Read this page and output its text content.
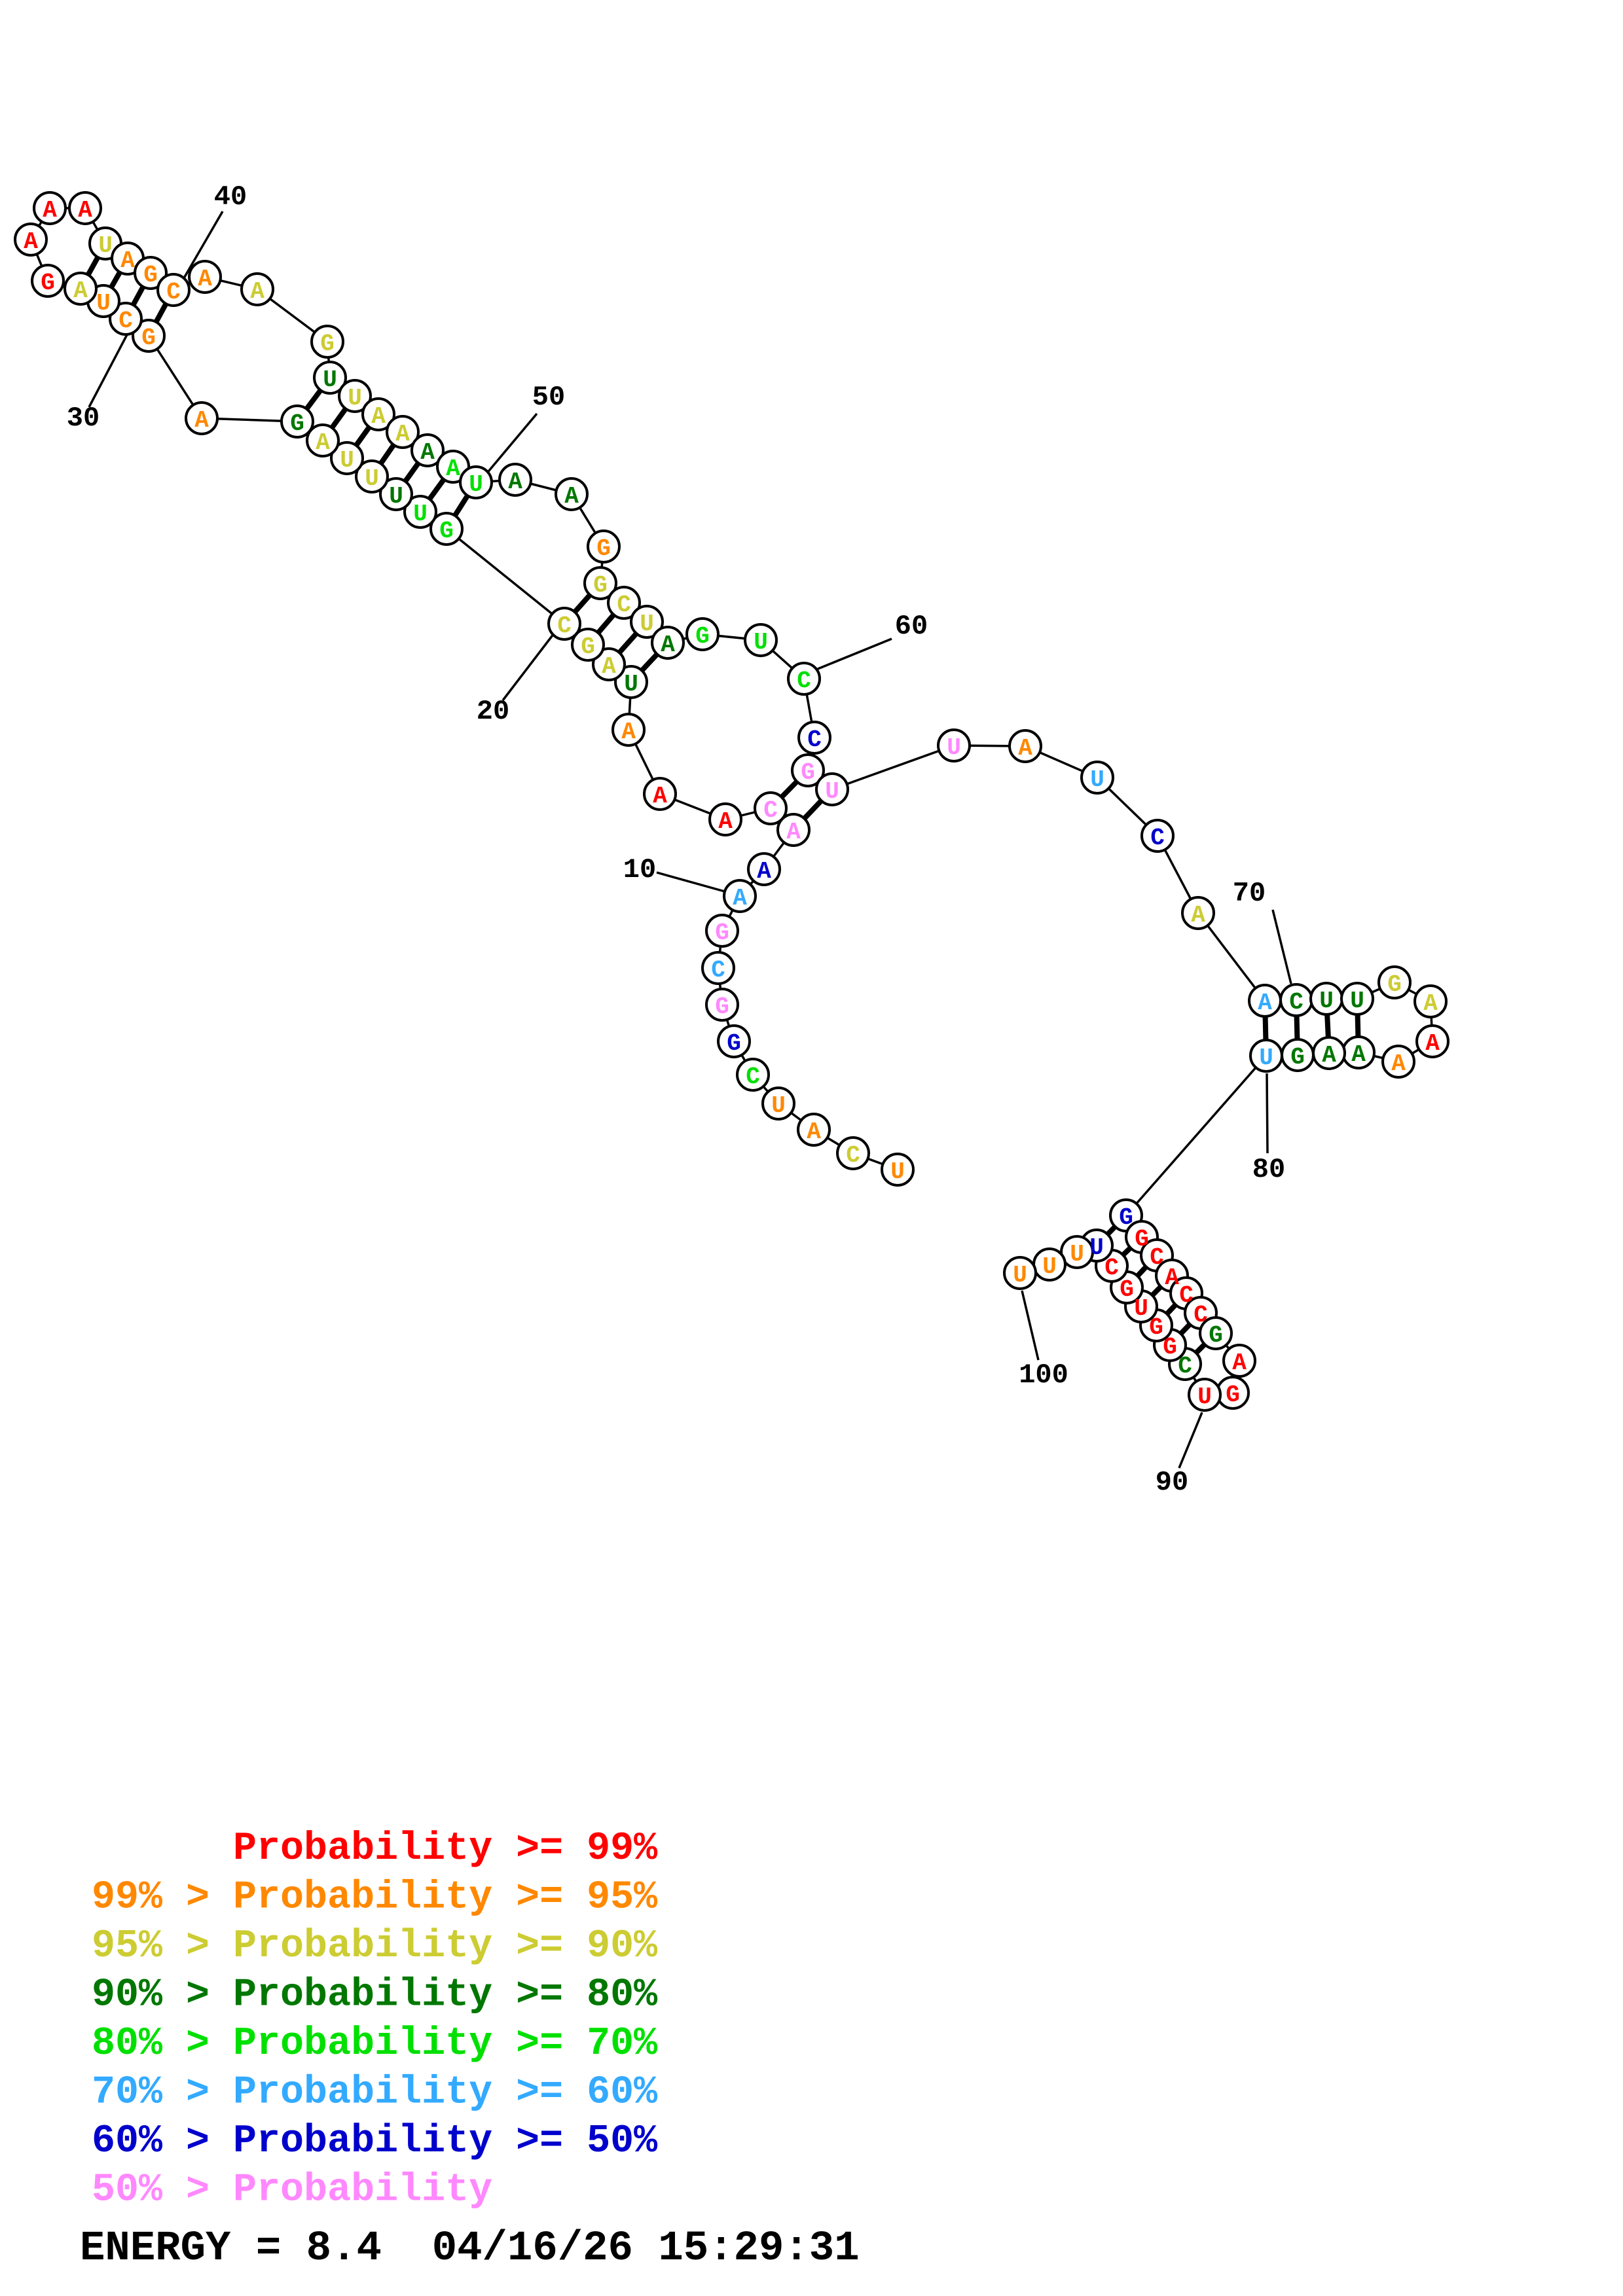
U
C
A
U
C
G
G
C
G
A
A
A
C
A
A
A
U
A
G
C
G
U
U
U
U
A
G
A
G
C
U
A
G
A
A A
U
A
G
C A A
G
U
U
A
A
A
A
U A
A
G
G
C
U
A G U
C
C
G
U
U A
U
C
A
A C U U
G
A
A
A
A
A
G
U
G
G
C
A
C
C
G
A
G
U
C
G
G
U
G
C
U
U
U
U
10
20
30
40
50
60
70
80
90
100
Probability >= 99%
99% > Probability >= 95%
95% > Probability >= 90%
90% > Probability >= 80%
80% > Probability >= 70%
70% > Probability >= 60%
60% > Probability >= 50%
50% > Probability
ENERGY = 8.4  04/16/26 15:29:31
